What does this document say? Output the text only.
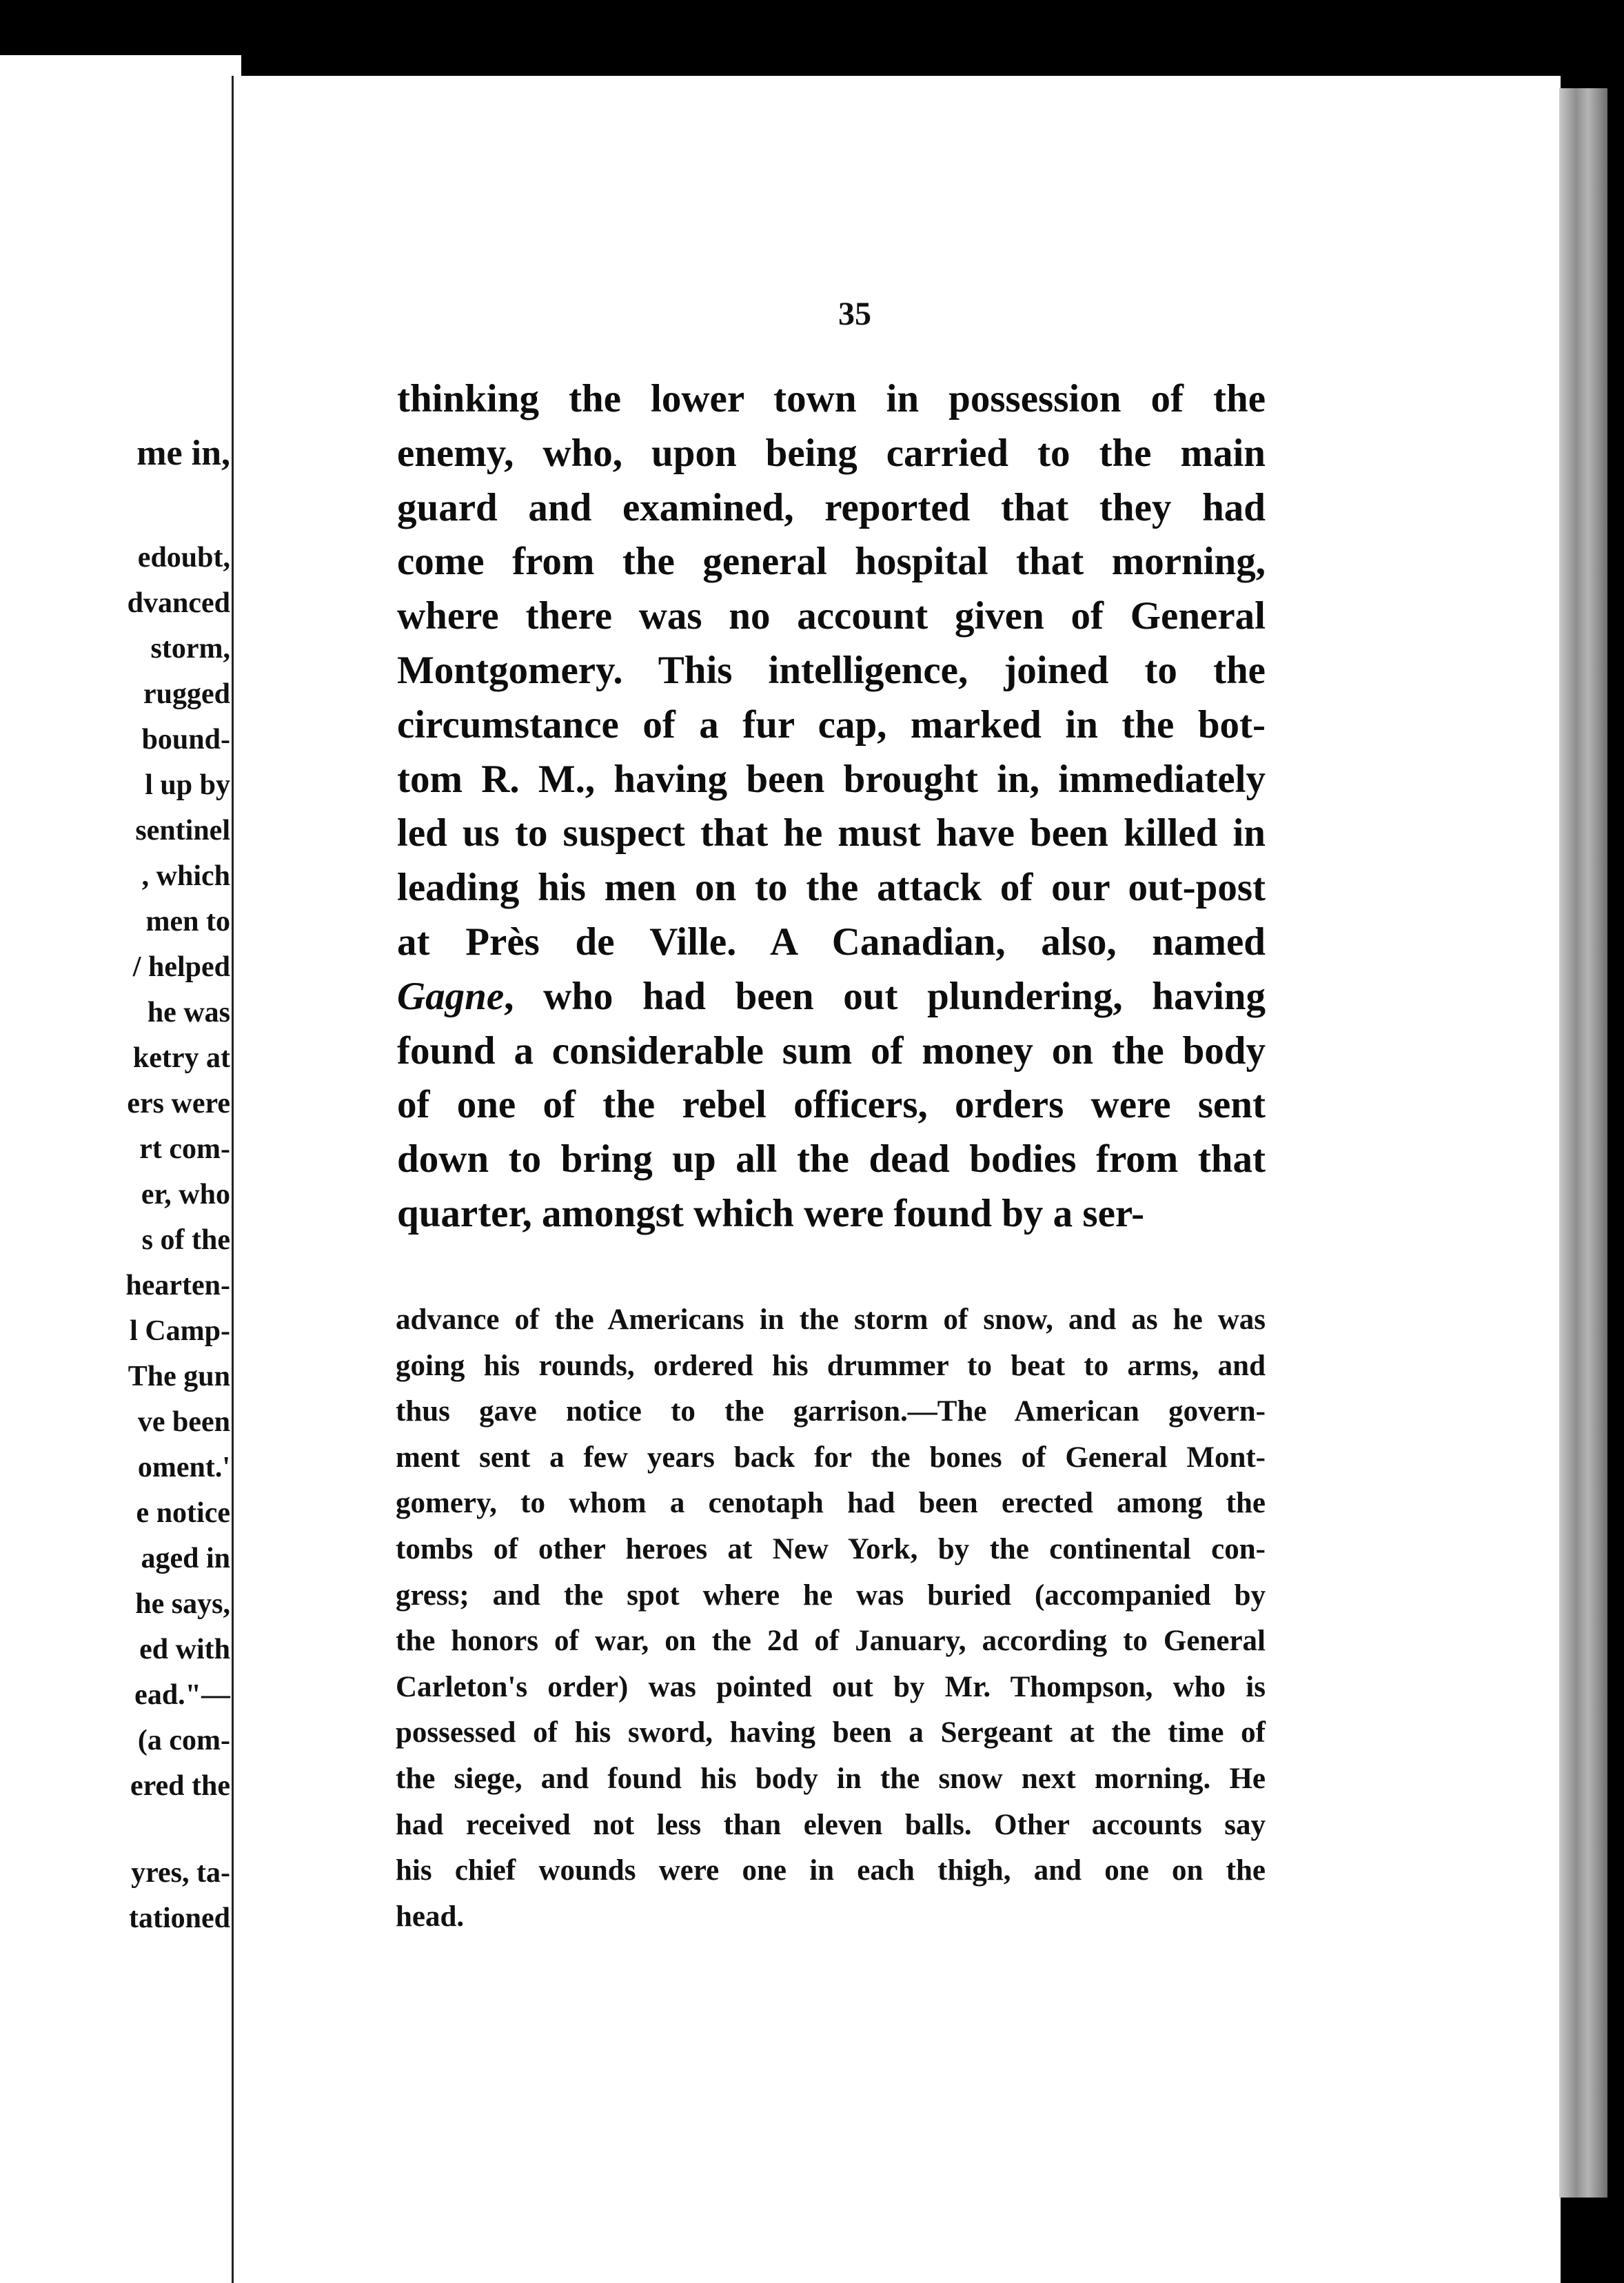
me in,
edoubt,
dvanced
storm,
rugged
bound-
l up by
sentinel
, which
men to
/ helped
he was
ketry at
ers were
rt com-
er, who
s of the
hearten-
l Camp-
The gun
ve been
oment.'
e notice
aged in
he says,
ed with
ead."—
(a com-
ered the
yres, ta-
tationed
35
thinking the lower town in possession of the
enemy, who, upon being carried to the main
guard and examined, reported that they had
come from the general hospital that morning,
where there was no account given of General
Montgomery. This intelligence, joined to the
circumstance of a fur cap, marked in the bot-
tom R. M., having been brought in, immediately
led us to suspect that he must have been killed in
leading his men on to the attack of our out-post
at Près de Ville. A Canadian, also, named
Gagne, who had been out plundering, having
found a considerable sum of money on the body
of one of the rebel officers, orders were sent
down to bring up all the dead bodies from that
quarter, amongst which were found by a ser-
advance of the Americans in the storm of snow, and as he was
going his rounds, ordered his drummer to beat to arms, and
thus gave notice to the garrison.—The American govern-
ment sent a few years back for the bones of General Mont-
gomery, to whom a cenotaph had been erected among the
tombs of other heroes at New York, by the continental con-
gress; and the spot where he was buried (accompanied by
the honors of war, on the 2d of January, according to General
Carleton's order) was pointed out by Mr. Thompson, who is
possessed of his sword, having been a Sergeant at the time of
the siege, and found his body in the snow next morning. He
had received not less than eleven balls. Other accounts say
his chief wounds were one in each thigh, and one on the
head.
